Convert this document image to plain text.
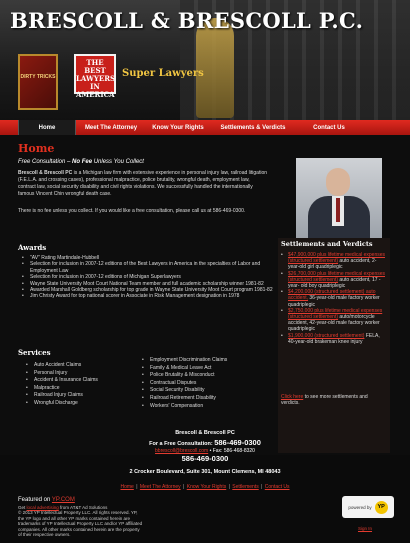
BRESCOLL & BRESCOLL P.C.
DIRTY TRICKS
THE BEST
LAWYERS
IN
AMERICA
Super Lawyers
Home	Meet The Attorney	Know Your Rights	Settlements & Verdicts	Contact Us
Home
Free Consultation – No Fee Unless You Collect
Brescoll & Brescoll PC is a Michigan law firm with extensive experience in personal injury law, railroad litigation (F.E.L.A. and crossing cases), professional malpractice, police brutality, wrongful death, employment law, contract law, social security disability and civil rights violations. We successfully handled the internationally famous Vincent Chin wrongful death case.
There is no fee unless you collect. If you would like a free consultation, please call us at 586-469-0300.
Awards
• "AV" Rating Martindale-Hubbell
• Selection for inclusion in 2007-12 editions of the Best Lawyers in America in the specialties of Labor and Employment Law
• Selection for inclusion in 2007-12 editions of Michigan Superlawyers
• Wayne State University Moot Court National Team member and full academic scholarship winner 1981-82
• Awarded Marshall Goldberg scholarship for top grade in Wayne State University Moot Court program 1981-82
• Jim Christy Award for top national scorer in Associate in Risk Management designation in 1978
Services
• Auto Accident Claims
• Personal Injury
• Accident & Insurance Claims
• Malpractice
• Railroad Injury Claims
• Wrongful Discharge
• Employment Discrimination Claims
• Family & Medical Leave Act
• Police Brutality & Misconduct
• Contractual Disputes
• Social Security Disability
• Railroad Retirement Disability
• Workers' Compensation
Settlements and Verdicts
• $47,900,000 plus lifetime medical expenses (structured settlement) auto accident, 2-year-old girl quadriplegic
• $26,700,000 plus lifetime medical expenses (structured settlement) auto accident, 17 -year- old boy quadriplegic
• $4,200,000 (structured settlement) auto accident, 36-year-old male factory worker quadriplegic
• $2,750,000 plus lifetime medical expenses (structured settlement) auto/motorcycle accident, 42-year-old male factory worker quadriplegic
• $1,900,000 (structured settlement) FELA, 40-year-old brakeman knee injury
Click here to see more settlements and verdicts.
Brescoll & Brescoll PC
For a Free Consultation: 586-469-0300
bbrescoll@brescoll.com • Fax: 586-468-8320
586-469-0300
2 Crocker Boulevard, Suite 301, Mount Clemens, MI 48043
Home | Meet The Attorney | Know Your Rights | Settlements | Contact Us
Featured on YP.COM
Get local advertising from AT&T Ad Solutions
© 2013 YP Intellectual Property LLC. All rights reserved. YP, the YP logo and all other YP marks contained herein are trademarks of YP Intellectual Property LLC and/or YP affiliated companies. All other marks contained herein are the property of their respective owners.
powered by	YP
Sign In
